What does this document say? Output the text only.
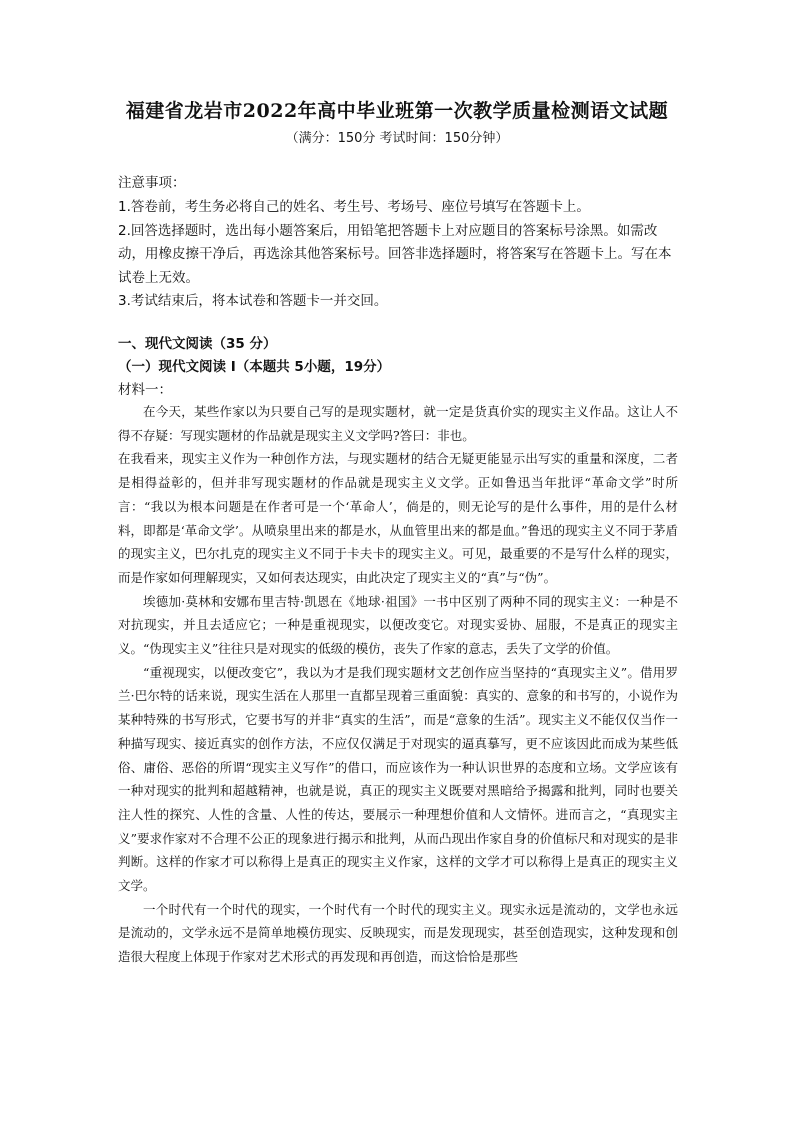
福建省龙岩市2022年高中毕业班第一次教学质量检测语文试题
（满分：150分 考试时间：150分钟）
注意事项：

1.答卷前，考生务必将自己的姓名、考生号、考场号、座位号填写在答题卡上。

2.回答选择题时，选出每小题答案后，用铅笔把答题卡上对应题目的答案标号涂黑。如需改动，用橡皮擦干净后，再选涂其他答案标号。回答非选择题时，将答案写在答题卡上。写在本试卷上无效。

3.考试结束后，将本试卷和答题卡一并交回。

一、现代文阅读（35 分）
（一）现代文阅读 I（本题共 5小题，19分）
材料一：

在今天，某些作家以为只要自己写的是现实题材，就一定是货真价实的现实主义作品。这让人不得不存疑：写现实题材的作品就是现实主义文学吗?答曰：非也。

在我看来，现实主义作为一种创作方法，与现实题材的结合无疑更能显示出写实的重量和深度，二者是相得益彰的，但并非写现实题材的作品就是现实主义文学。正如鲁迅当年批评“革命文学”时所言：“我以为根本问题是在作者可是一个‘革命人’，倘是的，则无论写的是什么事件，用的是什么材料，即都是‘革命文学’。从喷泉里出来的都是水，从血管里出来的都是血。”鲁迅的现实主义不同于茅盾的现实主义，巴尔扎克的现实主义不同于卡夫卡的现实主义。可见，最重要的不是写什么样的现实，而是作家如何理解现实，又如何表达现实，由此决定了现实主义的“真”与“伪”。

埃德加·莫林和安娜布里吉特·凯恩在《地球·祖国》一书中区别了两种不同的现实主义：一种是不对抗现实，并且去适应它；一种是重视现实，以便改变它。对现实妥协、屈服，不是真正的现实主义。“伪现实主义”往往只是对现实的低级的模仿，丧失了作家的意志，丢失了文学的价值。

“重视现实，以便改变它”，我以为才是我们现实题材文艺创作应当坚持的“真现实主义”。借用罗兰·巴尔特的话来说，现实生活在人那里一直都呈现着三重面貌：真实的、意象的和书写的，小说作为某种特殊的书写形式，它要书写的并非“真实的生活”，而是“意象的生活”。现实主义不能仅仅当作一种描写现实、接近真实的创作方法，不应仅仅满足于对现实的逼真摹写，更不应该因此而成为某些低俗、庸俗、恶俗的所谓“现实主义写作”的借口，而应该作为一种认识世界的态度和立场。文学应该有一种对现实的批判和超越精神，也就是说，真正的现实主义既要对黑暗给予揭露和批判，同时也要关注人性的探究、人性的含量、人性的传达，要展示一种理想价值和人文情怀。进而言之，“真现实主义”要求作家对不合理不公正的现象进行揭示和批判，从而凸现出作家自身的价值标尺和对现实的是非判断。这样的作家才可以称得上是真正的现实主义作家，这样的文学才可以称得上是真正的现实主义文学。

一个时代有一个时代的现实，一个时代有一个时代的现实主义。现实永远是流动的，文学也永远是流动的，文学永远不是简单地模仿现实、反映现实，而是发现现实，甚至创造现实，这种发现和创造很大程度上体现于作家对艺术形式的再发现和再创造，而这恰恰是那些
